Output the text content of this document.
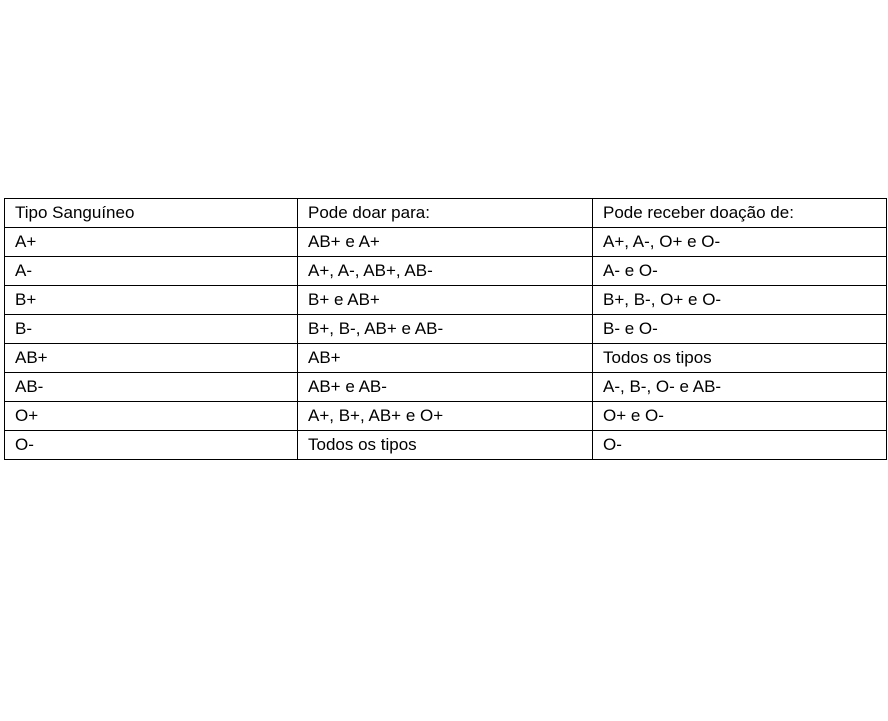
Tipo Sanguíneo	Pode doar para:	Pode receber doação de:
A+	AB+ e A+	A+, A-, O+ e O-
A-	A+, A-, AB+, AB-	A- e O-
B+	B+ e AB+	B+, B-, O+ e O-
B-	B+, B-, AB+ e AB-	B- e O-
AB+	AB+	Todos os tipos
AB-	AB+ e AB-	A-, B-, O- e AB-
O+	A+, B+, AB+ e O+	O+ e O-
O-	Todos os tipos	O-
